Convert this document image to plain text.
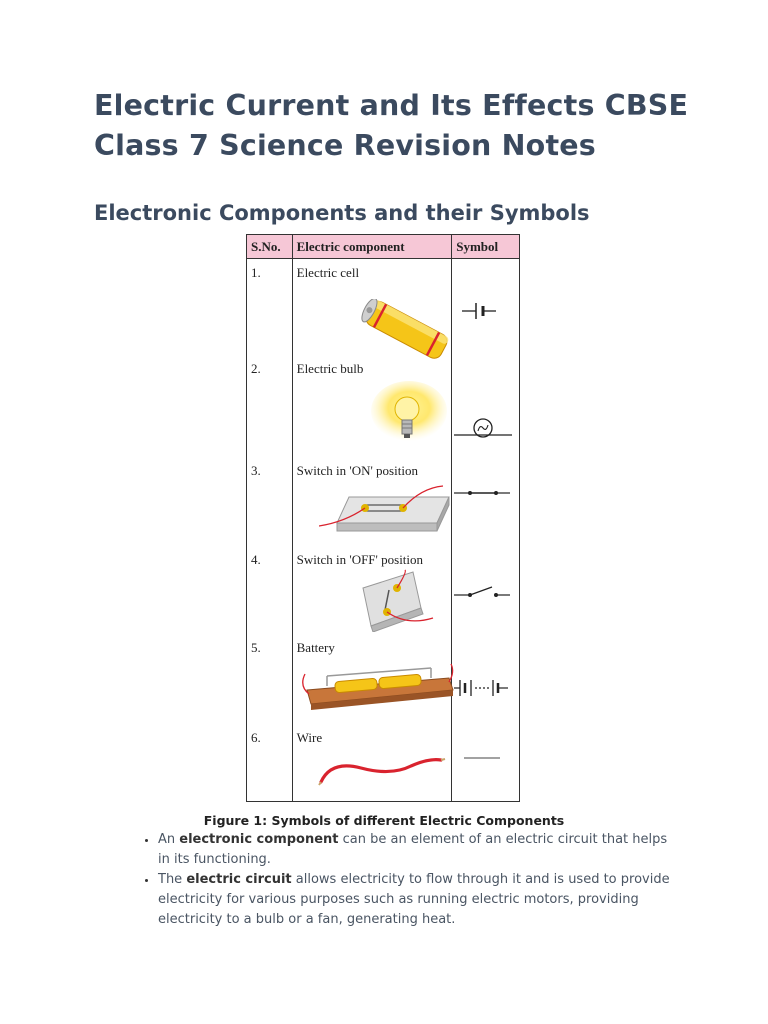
Electric Current and Its Effects CBSE Class 7 Science Revision Notes
Electronic Components and their Symbols
S.No.	Electric component	Symbol

1.	Electric cell

2.	Electric bulb

3.	Switch in 'ON' position

4.	Switch in 'OFF' position

5.	Battery

6.	Wire

Figure 1: Symbols of different Electric Components
• An electronic component can be an element of an electric circuit that helps in its functioning.
• The electric circuit allows electricity to flow through it and is used to provide electricity for various purposes such as running electric motors, providing electricity to a bulb or a fan, generating heat.
